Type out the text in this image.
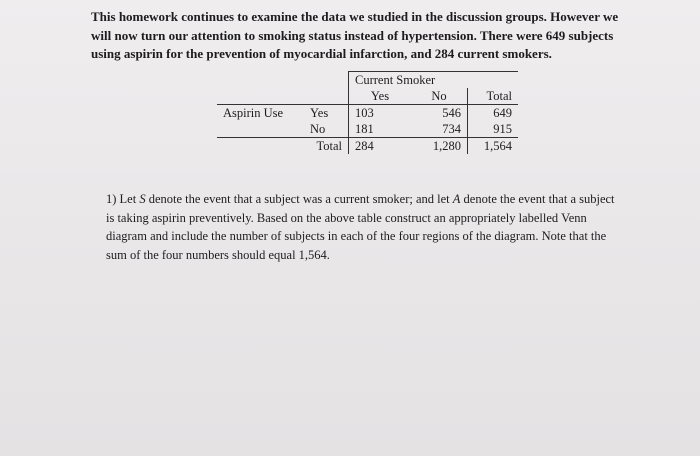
This homework continues to examine the data we studied in the discussion groups. However we will now turn our attention to smoking status instead of hypertension. There were 649 subjects using aspirin for the prevention of myocardial infarction, and 284 current smokers.

		Current Smoker		
		Yes	No	Total
Aspirin Use	Yes	103	546	649
	No	181	734	915
	Total	284	1,280	1,564

1) Let S denote the event that a subject was a current smoker; and let A denote the event that a subject is taking aspirin preventively. Based on the above table construct an appropriately labelled Venn diagram and include the number of subjects in each of the four regions of the diagram. Note that the sum of the four numbers should equal 1,564.
